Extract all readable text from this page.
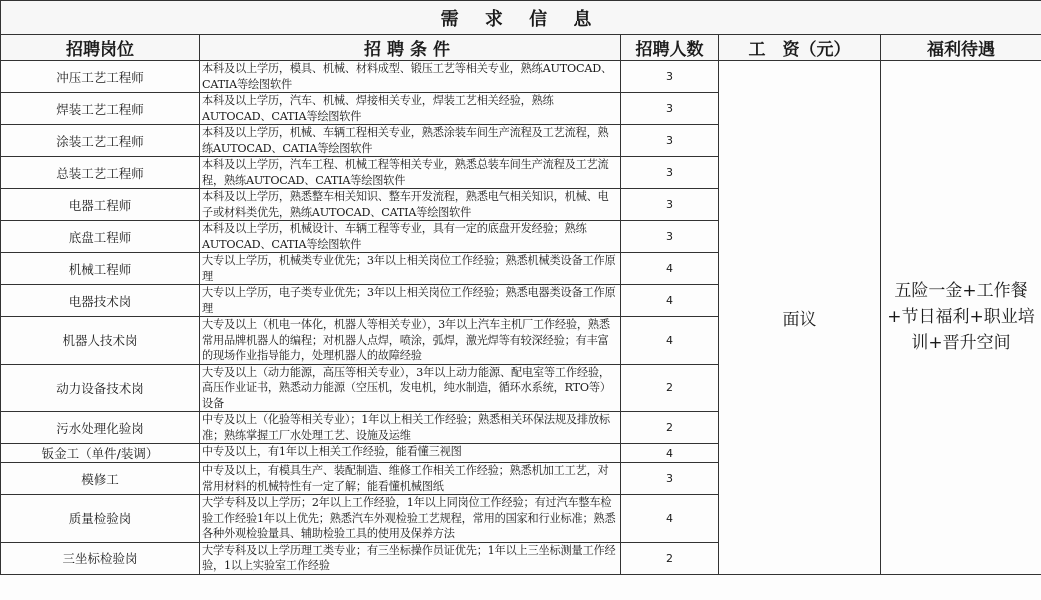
需 求 信 息				
招聘岗位	招聘条件	招聘人数	工　资（元）	福利待遇
冲压工艺工程师	本科及以上学历，模具、机械、材料成型、锻压工艺等相关专业，熟练AUTOCAD、CATIA等绘图软件	3	面议	五险一金+工作餐+节日福利+职业培训+晋升空间

焊装工艺工程师	本科及以上学历，汽车、机械、焊接相关专业，焊装工艺相关经验，熟练AUTOCAD、CATIA等绘图软件	3		
涂装工艺工程师	本科及以上学历，机械、车辆工程相关专业，熟悉涂装车间生产流程及工艺流程，熟练AUTOCAD、CATIA等绘图软件	3		
总装工艺工程师	本科及以上学历，汽车工程、机械工程等相关专业，熟悉总装车间生产流程及工艺流程，熟练AUTOCAD、CATIA等绘图软件	3		
电器工程师	本科及以上学历，熟悉整车相关知识、整车开发流程，熟悉电气相关知识，机械、电子或材料类优先，熟练AUTOCAD、CATIA等绘图软件	3		
底盘工程师	本科及以上学历，机械设计、车辆工程等专业，具有一定的底盘开发经验；熟练AUTOCAD、CATIA等绘图软件	3		
机械工程师	大专以上学历，机械类专业优先；3年以上相关岗位工作经验；熟悉机械类设备工作原理	4		
电器技术岗	大专以上学历，电子类专业优先；3年以上相关岗位工作经验；熟悉电器类设备工作原理	4		
机器人技术岗	大专及以上（机电一体化，机器人等相关专业），3年以上汽车主机厂工作经验，熟悉常用品牌机器人的编程；对机器人点焊，喷涂，弧焊，激光焊等有较深经验；有丰富的现场作业指导能力，处理机器人的故障经验	4		
动力设备技术岗	大专及以上（动力能源，高压等相关专业），3年以上动力能源、配电室等工作经验，高压作业证书，熟悉动力能源（空压机，发电机，纯水制造，循环水系统，RTO等）设备	2		
污水处理化验岗	中专及以上（化验等相关专业）；1年以上相关工作经验；熟悉相关环保法规及排放标准；熟练掌握工厂水处理工艺、设施及运维	2		
钣金工（单件/装调）	中专及以上，有1年以上相关工作经验，能看懂三视图	4		
模修工	中专及以上，有模具生产、装配制造、维修工作相关工作经验；熟悉机加工工艺，对常用材料的机械特性有一定了解；能看懂机械图纸	3		
质量检验岗	大学专科及以上学历；2年以上工作经验，1年以上同岗位工作经验；有过汽车整车检验工作经验1年以上优先；熟悉汽车外观检验工艺规程，常用的国家和行业标准；熟悉各种外观检验量具、辅助检验工具的使用及保养方法	4		
三坐标检验岗	大学专科及以上学历理工类专业；有三坐标操作员证优先；1年以上三坐标测量工作经验，1以上实验室工作经验	2		
